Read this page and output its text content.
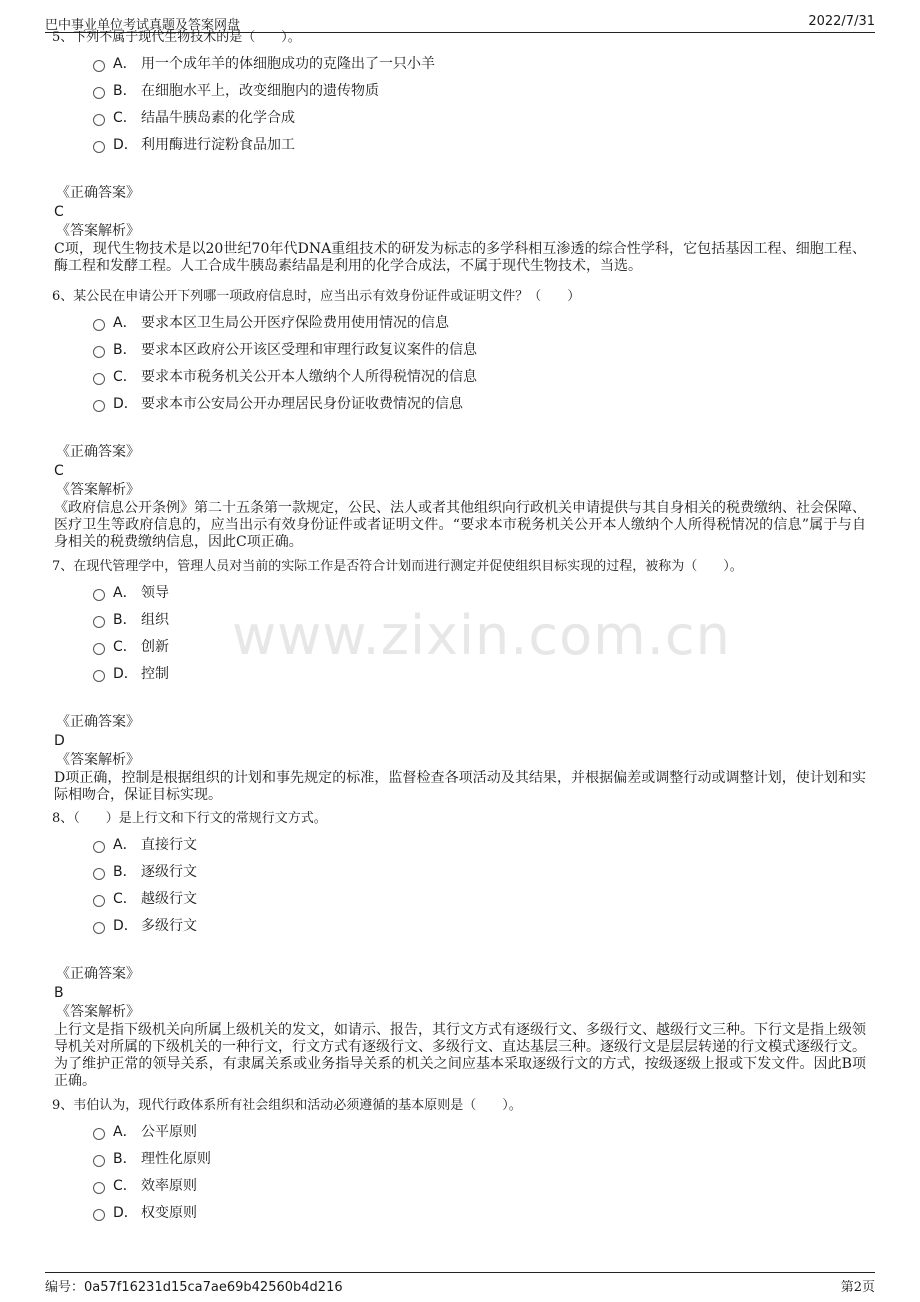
巴中事业单位考试真题及答案网盘	2022/7/31
www.zixin.com.cn
5、下列不属于现代生物技术的是（　　）。
A． 用一个成年羊的体细胞成功的克隆出了一只小羊
B． 在细胞水平上，改变细胞内的遗传物质
C． 结晶牛胰岛素的化学合成
D． 利用酶进行淀粉食品加工
《正确答案》
C
《答案解析》
C项，现代生物技术是以20世纪70年代DNA重组技术的研发为标志的多学科相互渗透的综合性学科，它包括基因工程、细胞工程、酶工程和发酵工程。人工合成牛胰岛素结晶是利用的化学合成法，不属于现代生物技术，当选。
6、某公民在申请公开下列哪一项政府信息时，应当出示有效身份证件或证明文件？（　　）
A． 要求本区卫生局公开医疗保险费用使用情况的信息
B． 要求本区政府公开该区受理和审理行政复议案件的信息
C． 要求本市税务机关公开本人缴纳个人所得税情况的信息
D． 要求本市公安局公开办理居民身份证收费情况的信息
《正确答案》
C
《答案解析》
《政府信息公开条例》第二十五条第一款规定，公民、法人或者其他组织向行政机关申请提供与其自身相关的税费缴纳、社会保障、医疗卫生等政府信息的，应当出示有效身份证件或者证明文件。“要求本市税务机关公开本人缴纳个人所得税情况的信息”属于与自身相关的税费缴纳信息，因此C项正确。
7、在现代管理学中，管理人员对当前的实际工作是否符合计划而进行测定并促使组织目标实现的过程，被称为（　　）。
A． 领导
B． 组织
C． 创新
D． 控制
《正确答案》
D
《答案解析》
D项正确，控制是根据组织的计划和事先规定的标准，监督检查各项活动及其结果，并根据偏差或调整行动或调整计划，使计划和实际相吻合，保证目标实现。
8、（　　）是上行文和下行文的常规行文方式。
A． 直接行文
B． 逐级行文
C． 越级行文
D． 多级行文
《正确答案》
B
《答案解析》
上行文是指下级机关向所属上级机关的发文，如请示、报告，其行文方式有逐级行文、多级行文、越级行文三种。下行文是指上级领导机关对所属的下级机关的一种行文，行文方式有逐级行文、多级行文、直达基层三种。逐级行文是层层转递的行文模式逐级行文。为了维护正常的领导关系，有隶属关系或业务指导关系的机关之间应基本采取逐级行文的方式，按级逐级上报或下发文件。因此B项正确。
9、韦伯认为，现代行政体系所有社会组织和活动必须遵循的基本原则是（　　）。
A． 公平原则
B． 理性化原则
C． 效率原则
D． 权变原则
编号：0a57f16231d15ca7ae69b42560b4d216	第2页
